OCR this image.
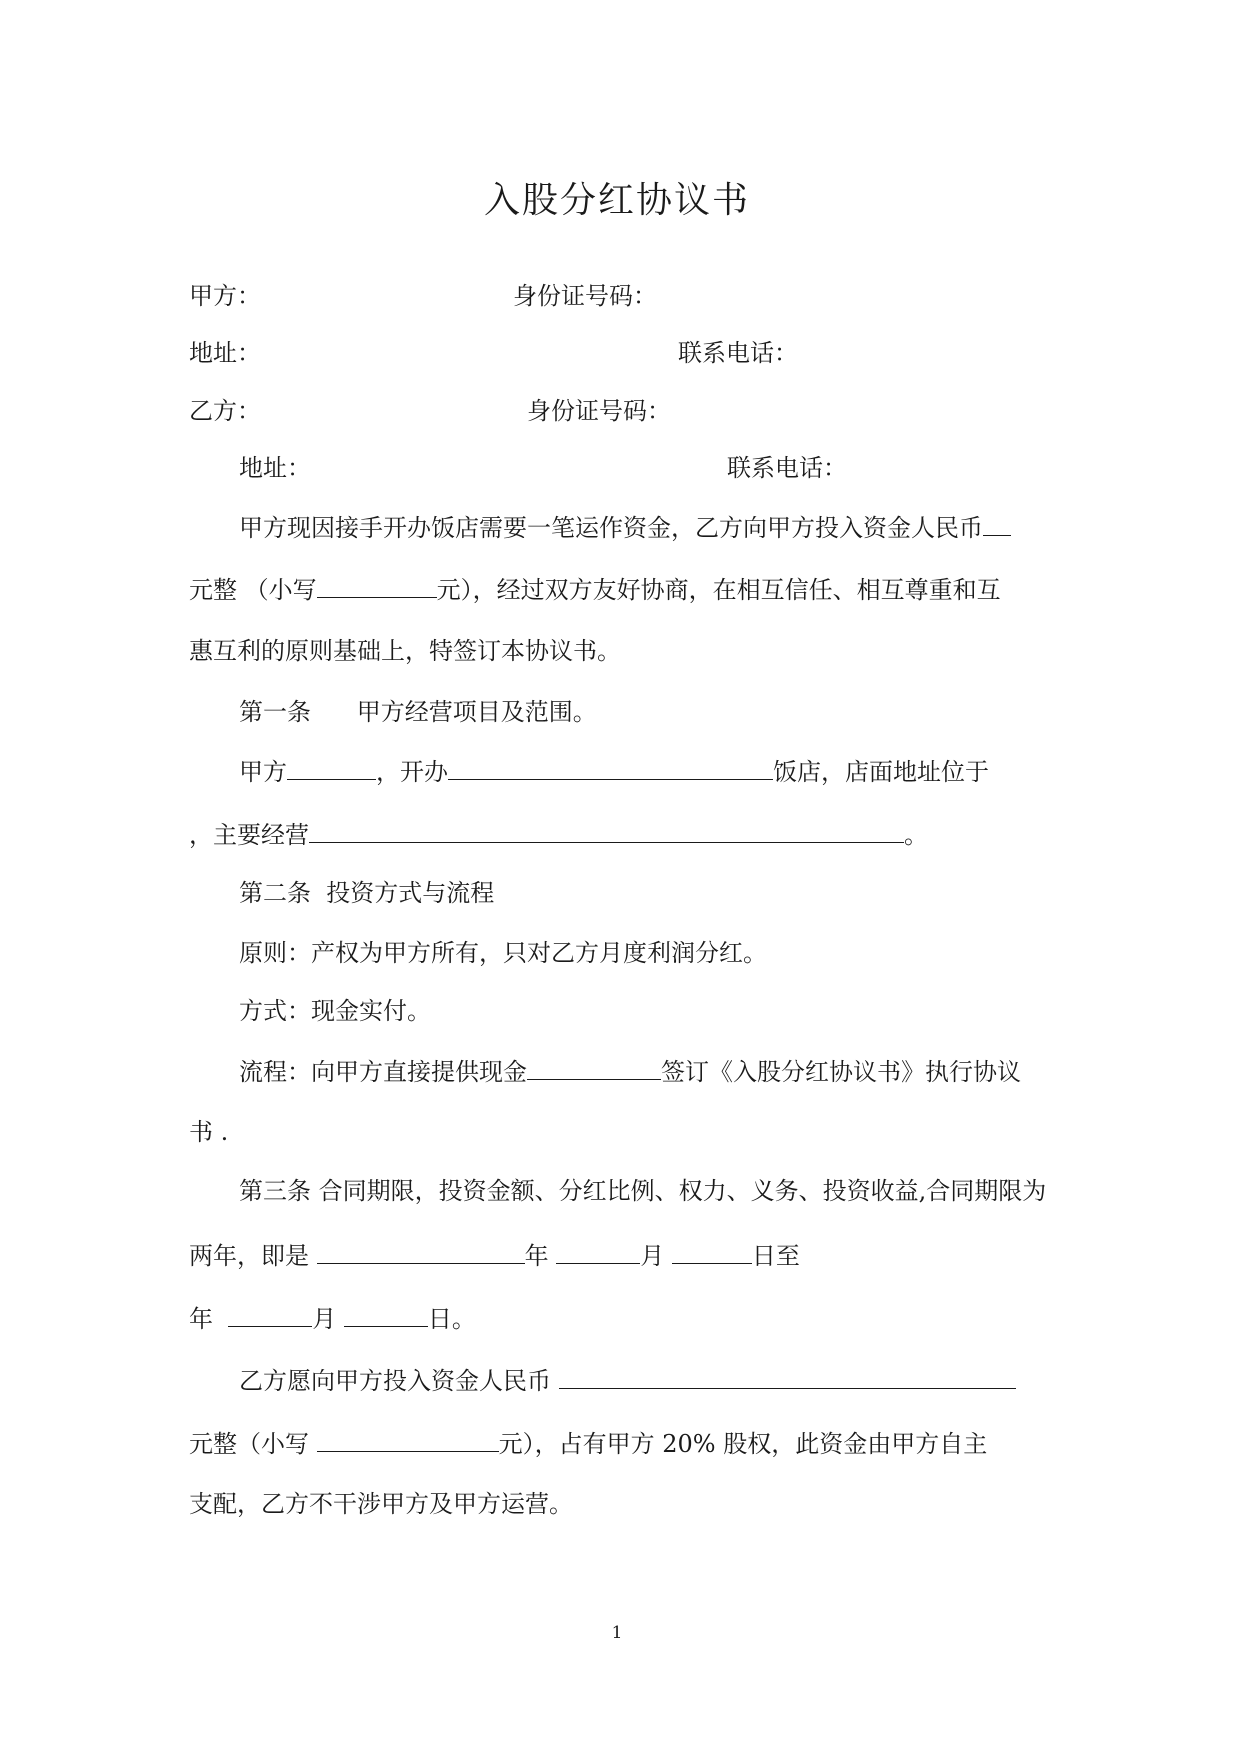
入股分红协议书
甲方：	身份证号码：
地址：	联系电话：
乙方：	身份证号码：
地址：	联系电话：
甲方现因接手开办饭店需要一笔运作资金，乙方向甲方投入资金人民币
元整 （小写	元），经过双方友好协商，在相互信任、相互尊重和互
惠互利的原则基础上，特签订本协议书。
第一条      甲方经营项目及范围。
甲方	，开办	饭店，店面地址位于
，主要经营	。
第二条  投资方式与流程
原则：产权为甲方所有，只对乙方月度利润分红。
方式：现金实付。
流程：向甲方直接提供现金	签订《入股分红协议书》执行协议
书 .
第三条 合同期限，投资金额、分红比例、权力、义务、投资收益,合同期限为
两年，即是	年	月	日至
年	月	日。
乙方愿向甲方投入资金人民币
元整（小写	元），占有甲方 20% 股权，此资金由甲方自主
支配，乙方不干涉甲方及甲方运营。
1
